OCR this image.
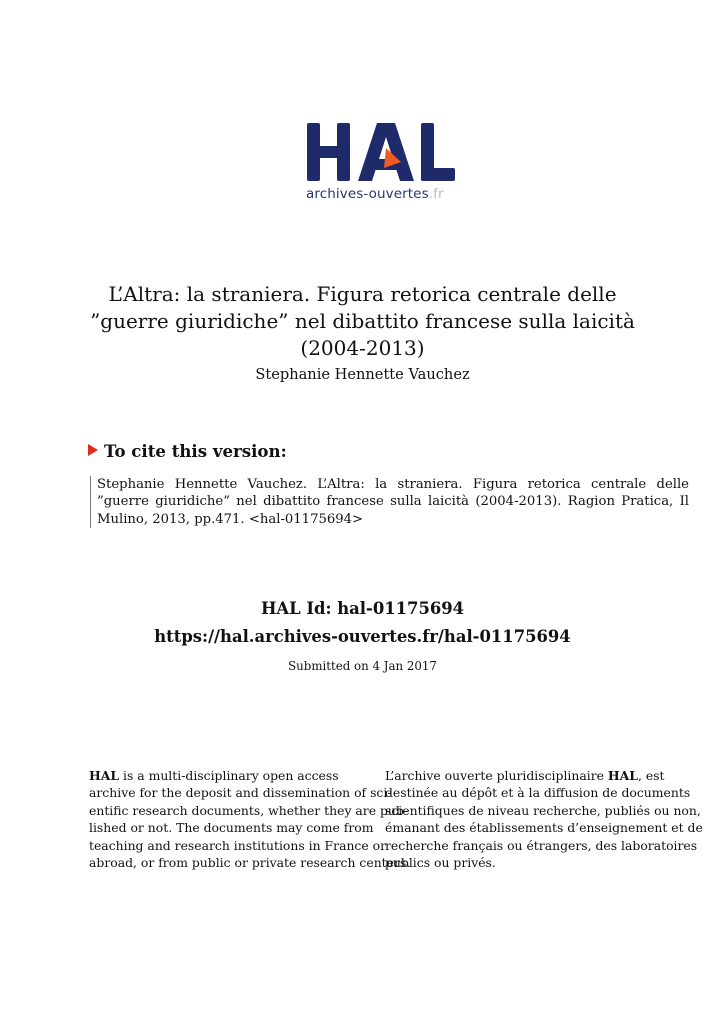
archives-ouvertes.fr
L’Altra: la straniera. Figura retorica centrale delle
”guerre giuridiche” nel dibattito francese sulla laicità
(2004-2013)
Stephanie Hennette Vauchez
To cite this version:
Stephanie Hennette Vauchez. L’Altra: la straniera. Figura retorica centrale delle ”guerre giuridiche” nel dibattito francese sulla laicità (2004-2013). Ragion Pratica, Il Mulino, 2013, pp.471. <hal-01175694>
HAL Id: hal-01175694
https://hal.archives-ouvertes.fr/hal-01175694
Submitted on 4 Jan 2017
HAL is a multi-disciplinary open access
archive for the deposit and dissemination of sci-
entific research documents, whether they are pub-
lished or not. The documents may come from
teaching and research institutions in France or
abroad, or from public or private research centers.
L’archive ouverte pluridisciplinaire HAL, est
destinée au dépôt et à la diffusion de documents
scientifiques de niveau recherche, publiés ou non,
émanant des établissements d’enseignement et de
recherche français ou étrangers, des laboratoires
publics ou privés.
